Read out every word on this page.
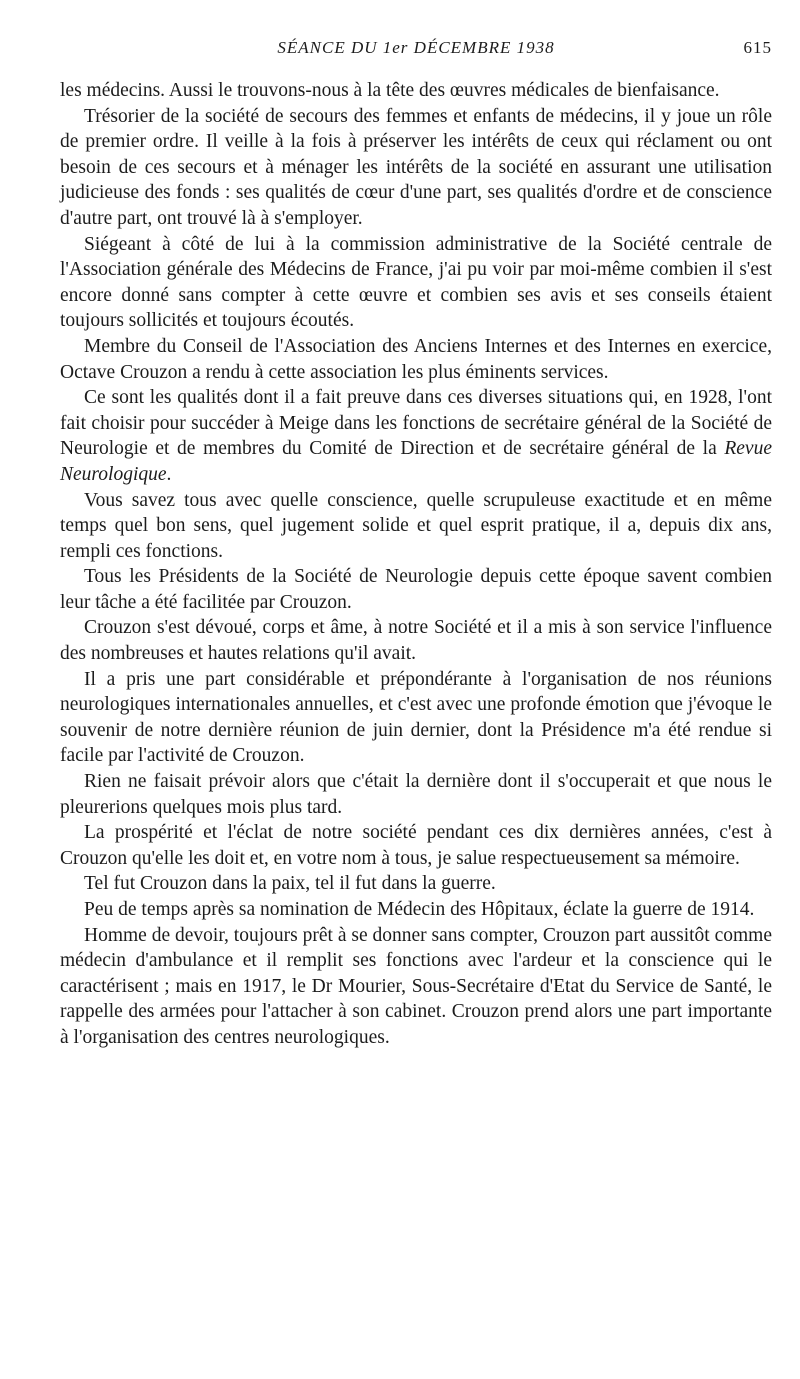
SÉANCE DU 1er DÉCEMBRE 1938	615

les médecins. Aussi le trouvons-nous à la tête des œuvres médicales de bienfaisance.

Trésorier de la société de secours des femmes et enfants de médecins, il y joue un rôle de premier ordre. Il veille à la fois à préserver les intérêts de ceux qui réclament ou ont besoin de ces secours et à ménager les intérêts de la société en assurant une utilisation judicieuse des fonds : ses qualités de cœur d'une part, ses qualités d'ordre et de conscience d'autre part, ont trouvé là à s'employer.

Siégeant à côté de lui à la commission administrative de la Société centrale de l'Association générale des Médecins de France, j'ai pu voir par moi-même combien il s'est encore donné sans compter à cette œuvre et combien ses avis et ses conseils étaient toujours sollicités et toujours écoutés.

Membre du Conseil de l'Association des Anciens Internes et des Internes en exercice, Octave Crouzon a rendu à cette association les plus éminents services.

Ce sont les qualités dont il a fait preuve dans ces diverses situations qui, en 1928, l'ont fait choisir pour succéder à Meige dans les fonctions de secrétaire général de la Société de Neurologie et de membres du Comité de Direction et de secrétaire général de la Revue Neurologique.

Vous savez tous avec quelle conscience, quelle scrupuleuse exactitude et en même temps quel bon sens, quel jugement solide et quel esprit pratique, il a, depuis dix ans, rempli ces fonctions.

Tous les Présidents de la Société de Neurologie depuis cette époque savent combien leur tâche a été facilitée par Crouzon.

Crouzon s'est dévoué, corps et âme, à notre Société et il a mis à son service l'influence des nombreuses et hautes relations qu'il avait.

Il a pris une part considérable et prépondérante à l'organisation de nos réunions neurologiques internationales annuelles, et c'est avec une profonde émotion que j'évoque le souvenir de notre dernière réunion de juin dernier, dont la Présidence m'a été rendue si facile par l'activité de Crouzon.

Rien ne faisait prévoir alors que c'était la dernière dont il s'occuperait et que nous le pleurerions quelques mois plus tard.

La prospérité et l'éclat de notre société pendant ces dix dernières années, c'est à Crouzon qu'elle les doit et, en votre nom à tous, je salue respectueusement sa mémoire.

Tel fut Crouzon dans la paix, tel il fut dans la guerre.

Peu de temps après sa nomination de Médecin des Hôpitaux, éclate la guerre de 1914.

Homme de devoir, toujours prêt à se donner sans compter, Crouzon part aussitôt comme médecin d'ambulance et il remplit ses fonctions avec l'ardeur et la conscience qui le caractérisent ; mais en 1917, le Dr Mourier, Sous-Secrétaire d'Etat du Service de Santé, le rappelle des armées pour l'attacher à son cabinet. Crouzon prend alors une part importante à l'organisation des centres neurologiques.
